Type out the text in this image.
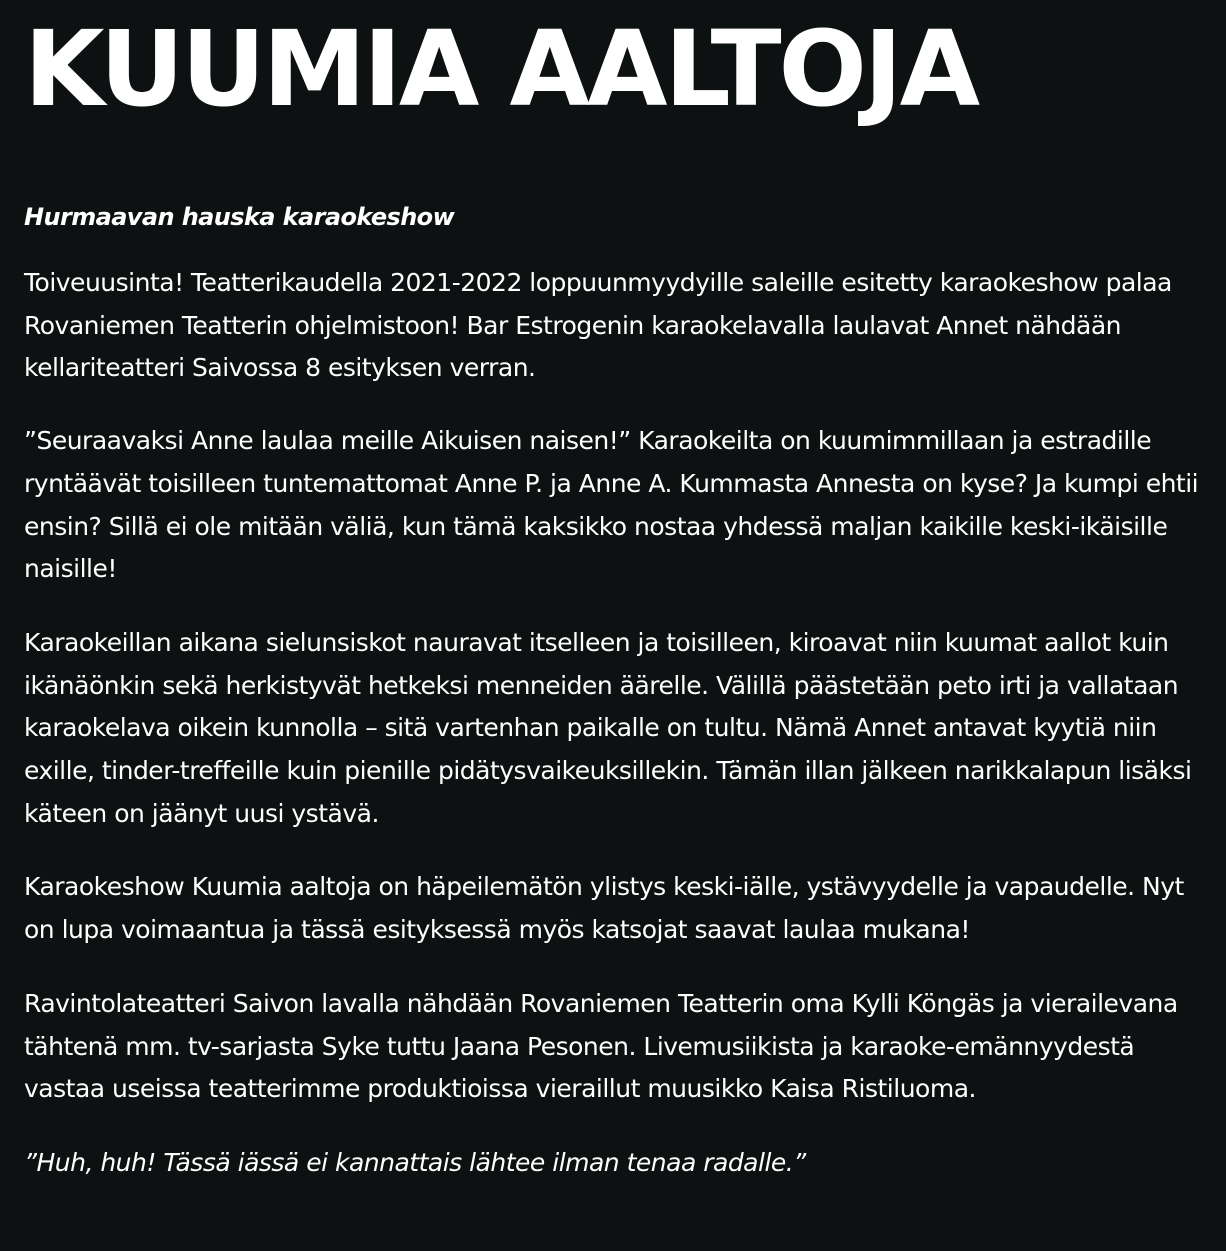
KUUMIA AALTOJA
Hurmaavan hauska karaokeshow

Toiveuusinta! Teatterikaudella 2021-2022 loppuunmyydyille saleille esitetty karaokeshow palaa Rovaniemen Teatterin ohjelmistoon! Bar Estrogenin karaokelavalla laulavat Annet nähdään kellariteatteri Saivossa 8 esityksen verran.

”Seuraavaksi Anne laulaa meille Aikuisen naisen!” Karaokeilta on kuumimmillaan ja estradille ryntäävät toisilleen tuntemattomat Anne P. ja Anne A. Kummasta Annesta on kyse? Ja kumpi ehtii ensin? Sillä ei ole mitään väliä, kun tämä kaksikko nostaa yhdessä maljan kaikille keski-ikäisille naisille!

Karaokeillan aikana sielunsiskot nauravat itselleen ja toisilleen, kiroavat niin kuumat aallot kuin ikänäönkin sekä herkistyvät hetkeksi menneiden äärelle. Välillä päästetään peto irti ja vallataan karaokelava oikein kunnolla – sitä vartenhan paikalle on tultu. Nämä Annet antavat kyytiä niin exille, tinder-treffeille kuin pienille pidätysvaikeuksillekin. Tämän illan jälkeen narikkalapun lisäksi käteen on jäänyt uusi ystävä.

Karaokeshow Kuumia aaltoja on häpeilemätön ylistys keski-iälle, ystävyydelle ja vapaudelle. Nyt on lupa voimaantua ja tässä esityksessä myös katsojat saavat laulaa mukana!

Ravintolateatteri Saivon lavalla nähdään Rovaniemen Teatterin oma Kylli Köngäs ja vierailevana tähtenä mm. tv-sarjasta Syke tuttu Jaana Pesonen. Livemusiikista ja karaoke-emännyydestä vastaa useissa teatterimme produktioissa vieraillut muusikko Kaisa Ristiluoma.

”Huh, huh! Tässä iässä ei kannattais lähtee ilman tenaa radalle.”
